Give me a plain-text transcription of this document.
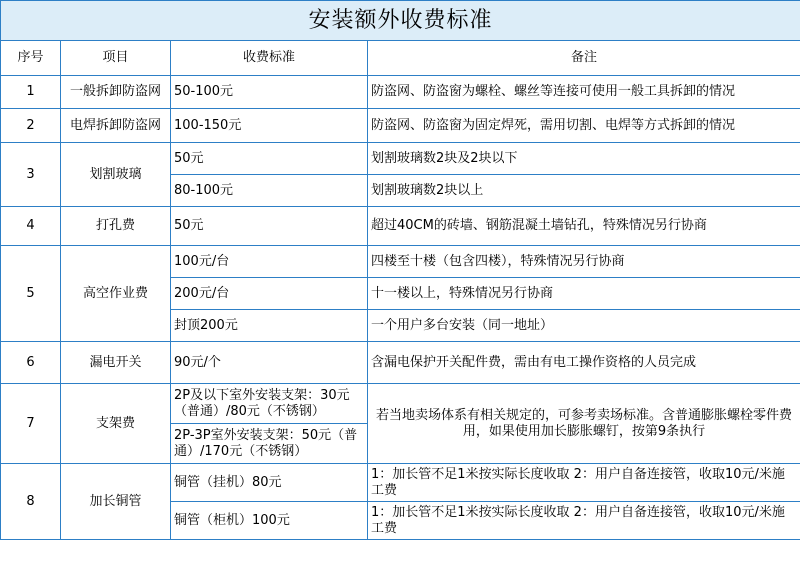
安装额外收费标准			
序号	项目	收费标准	备注
1	一般拆卸防盗网	50-100元	防盗网、防盗窗为螺栓、螺丝等连接可使用一般工具拆卸的情况
2	电焊拆卸防盗网	100-150元	防盗网、防盗窗为固定焊死，需用切割、电焊等方式拆卸的情况
3	划割玻璃	50元	划割玻璃数2块及2块以下
		80-100元	划割玻璃数2块以上
4	打孔费	50元	超过40CM的砖墙、钢筋混凝土墙钻孔，特殊情况另行协商
5	高空作业费	100元/台	四楼至十楼（包含四楼），特殊情况另行协商
		200元/台	十一楼以上，特殊情况另行协商
		封顶200元	一个用户多台安装（同一地址）
6	漏电开关	90元/个	含漏电保护开关配件费，需由有电工操作资格的人员完成
7	支架费	2P及以下室外安装支架：30元（普通）/80元（不锈钢）	若当地卖场体系有相关规定的，可参考卖场标准。含普通膨胀螺栓零件费用，如果使用加长膨胀螺钉，按第9条执行
		2P-3P室外安装支架：50元（普通）/170元（不锈钢）	
8	加长铜管	铜管（挂机）80元	1：加长管不足1米按实际长度收取 2：用户自备连接管，收取10元/米施工费
		铜管（柜机）100元	1：加长管不足1米按实际长度收取 2：用户自备连接管，收取10元/米施工费
